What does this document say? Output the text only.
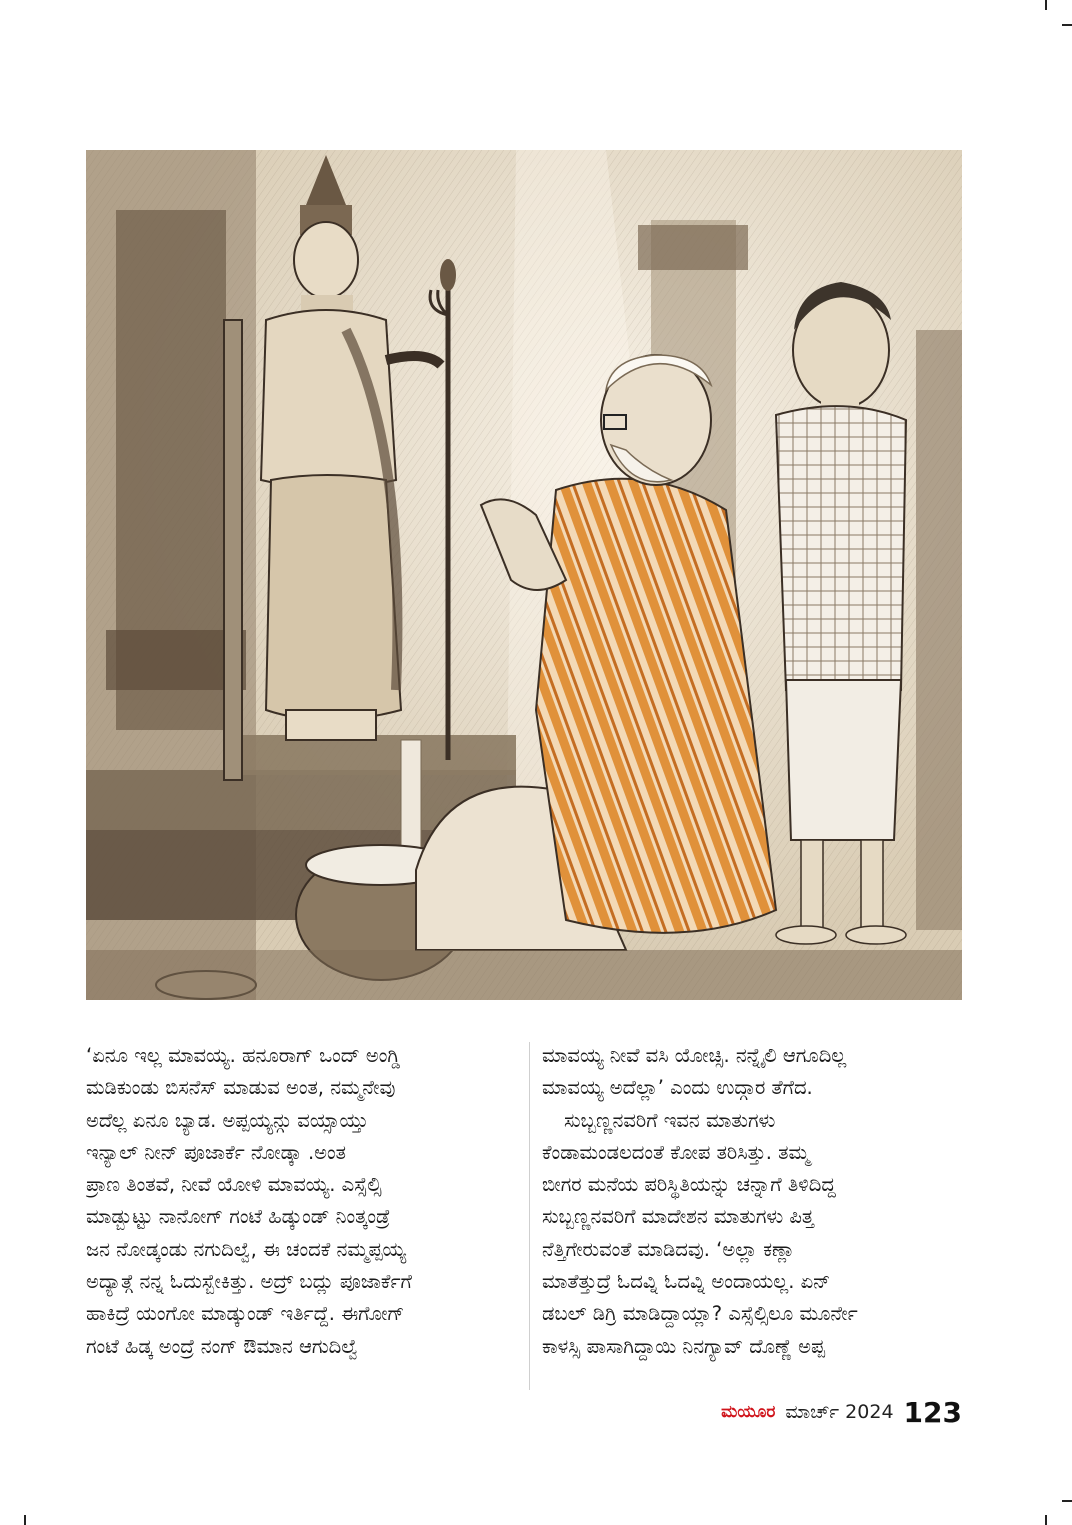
‘ಏನೂ ಇಲ್ಲ ಮಾವಯ್ಯ. ಹನೂರಾಗ್ ಒಂದ್ ಅಂಗ್ಡಿ
ಮಡಿಕುಂಡು ಬಿಸನೆಸ್ ಮಾಡುವ ಅಂತ, ನಮ್ಮನೇವು
ಅದೆಲ್ಲ ಏನೂ ಬ್ಯಾಡ. ಅಪ್ಪಯ್ಯನ್ಗು ವಯ್ಸಾಯ್ತು
ಇನ್ಯಾಲ್ ನೀನ್ ಪೂಜಾರ್ಕೆ ನೋಡ್ಕಾ .ಅಂತ
ಪ್ರಾಣ ತಿಂತವೆ, ನೀವೆ ಯೋಳಿ ಮಾವಯ್ಯ. ಎಸ್ಸೆಲ್ಸಿ
ಮಾಡ್ಬುಟ್ಟು ನಾನೋಗ್ ಗಂಟೆ ಹಿಡ್ಕುಂಡ್ ನಿಂತ್ಕಂಡ್ರೆ
ಜನ ನೋಡ್ಕಂಡು ನಗುದಿಲ್ವೆ, ಈ ಚಂದಕೆ ನಮ್ಮಪ್ಪಯ್ಯ
ಅದ್ಯಾತ್ಗೆ ನನ್ನ ಓದುಸ್ಬೇಕಿತ್ತು. ಅದ್ರ್ ಬದ್ಲು ಪೂಜಾರ್ಕೆಗೆ
ಹಾಕಿದ್ರೆ ಯಂಗೋ ಮಾಡ್ಕುಂಡ್ ಇರ್ತಿದ್ದೆ. ಈಗೋಗ್
ಗಂಟೆ ಹಿಡ್ಕ ಅಂದ್ರೆ ನಂಗ್ ಔಮಾನ ಆಗುದಿಲ್ವೆ
ಮಾವಯ್ಯ ನೀವೆ ವಸಿ ಯೋಚ್ಸಿ. ನನ್ನೈಲಿ ಆಗೂದಿಲ್ಲ
ಮಾವಯ್ಯ ಅದೆಲ್ಲಾ’ ಎಂದು ಉದ್ಗಾರ ತೆಗೆದ.
ಸುಬ್ಬಣ್ಣನವರಿಗೆ ಇವನ ಮಾತುಗಳು
ಕೆಂಡಾಮಂಡಲದಂತೆ ಕೋಪ ತರಿಸಿತ್ತು. ತಮ್ಮ
ಬೀಗರ ಮನೆಯ ಪರಿಸ್ಥಿತಿಯನ್ನು ಚನ್ನಾಗೆ ತಿಳಿದಿದ್ದ
ಸುಬ್ಬಣ್ಣನವರಿಗೆ ಮಾದೇಶನ ಮಾತುಗಳು ಪಿತ್ತ
ನೆತ್ತಿಗೇರುವಂತೆ ಮಾಡಿದವು. ‘ಅಲ್ಲಾ ಕಣ್ಲಾ
ಮಾತೆತ್ತುದ್ರೆ ಓದವ್ನಿ ಓದವ್ನಿ ಅಂದಾಯಲ್ಲ. ಏನ್
ಡಬಲ್ ಡಿಗ್ರಿ ಮಾಡಿದ್ದಾಯ್ಲಾ? ಎಸ್ಸೆಲ್ಸಿಲೂ ಮೂರ್ನೇ
ಕಾಳಸ್ಸಿ ಪಾಸಾಗಿದ್ದಾಯಿ ನಿನಗ್ಯಾವ್ ದೊಣ್ಣೆ ಅಪ್ಪ
ಮಯೂರ ಮಾರ್ಚ್ 2024 123
